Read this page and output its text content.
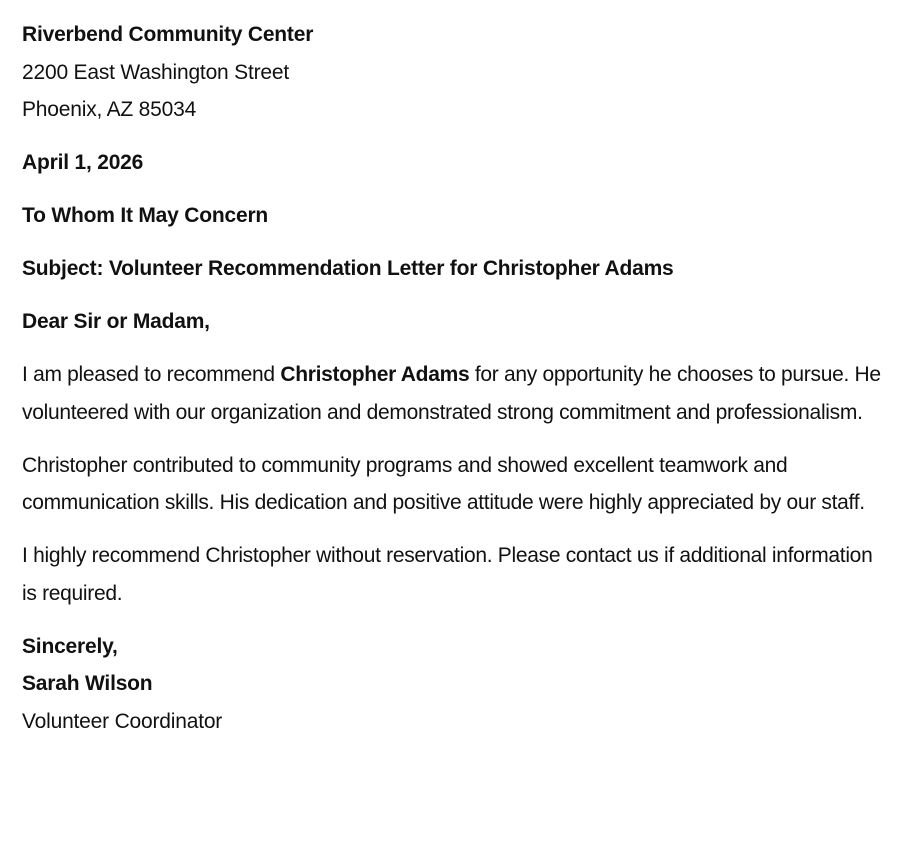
Riverbend Community Center
2200 East Washington Street
Phoenix, AZ 85034
April 1, 2026
To Whom It May Concern
Subject: Volunteer Recommendation Letter for Christopher Adams
Dear Sir or Madam,
I am pleased to recommend Christopher Adams for any opportunity he chooses to pursue. He volunteered with our organization and demonstrated strong commitment and professionalism.
Christopher contributed to community programs and showed excellent teamwork and communication skills. His dedication and positive attitude were highly appreciated by our staff.
I highly recommend Christopher without reservation. Please contact us if additional information is required.
Sincerely,
Sarah Wilson
Volunteer Coordinator
